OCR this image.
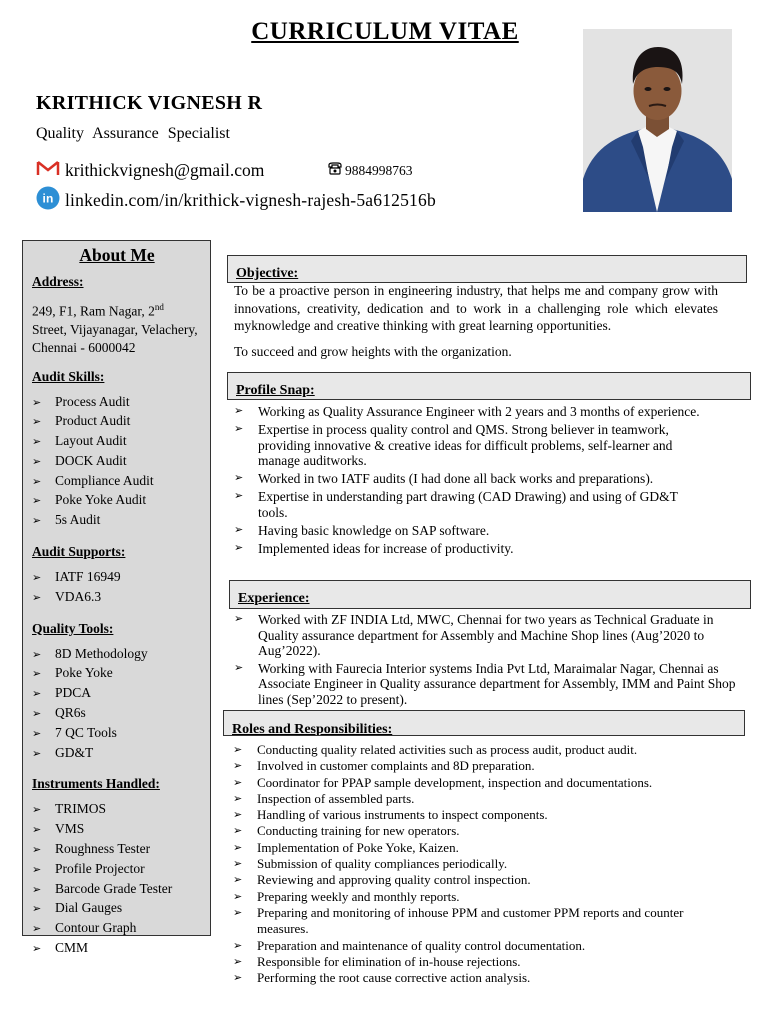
CURRICULUM VITAE
KRITHICK VIGNESH R
Quality Assurance Specialist
krithickvignesh@gmail.com	9884998763
in linkedin.com/in/krithick-vignesh-rajesh-5a612516b
About Me
Address:
249, F1, Ram Nagar, 2nd Street, Vijayanagar, Velachery, Chennai - 6000042
Audit Skills:
➢	Process Audit
➢	Product Audit
➢	Layout Audit
➢	DOCK Audit
➢	Compliance Audit
➢	Poke Yoke Audit
➢	5s Audit
Audit Supports:
➢	IATF 16949
➢	VDA6.3
Quality Tools:
➢	8D Methodology
➢	Poke Yoke
➢	PDCA
➢	QR6s
➢	7 QC Tools
➢	GD&T
Instruments Handled:
➢	TRIMOS
➢	VMS
➢	Roughness Tester
➢	Profile Projector
➢	Barcode Grade Tester
➢	Dial Gauges
➢	Contour Graph
➢	CMM
Objective:
To be a proactive person in engineering industry, that helps me and company grow with innovations, creativity, dedication and to work in a challenging role which elevates myknowledge and creative thinking with great learning opportunities.
To succeed and grow heights with the organization.
Profile Snap:
➢	Working as Quality Assurance Engineer with 2 years and 3 months of experience.
➢	Expertise in process quality control and QMS. Strong believer in teamwork, providing innovative & creative ideas for difficult problems, self-learner and manage auditworks.
➢	Worked in two IATF audits (I had done all back works and preparations).
➢	Expertise in understanding part drawing (CAD Drawing) and using of GD&T tools.
➢	Having basic knowledge on SAP software.
➢	Implemented ideas for increase of productivity.
Experience:
➢	Worked with ZF INDIA Ltd, MWC, Chennai for two years as Technical Graduate in Quality assurance department for Assembly and Machine Shop lines (Aug’2020 to Aug’2022).
➢	Working with Faurecia Interior systems India Pvt Ltd, Maraimalar Nagar, Chennai as Associate Engineer in Quality assurance department for Assembly, IMM and Paint Shop lines (Sep’2022 to present).
Roles and Responsibilities:
➢	Conducting quality related activities such as process audit, product audit.
➢	Involved in customer complaints and 8D preparation.
➢	Coordinator for PPAP sample development, inspection and documentations.
➢	Inspection of assembled parts.
➢	Handling of various instruments to inspect components.
➢	Conducting training for new operators.
➢	Implementation of Poke Yoke, Kaizen.
➢	Submission of quality compliances periodically.
➢	Reviewing and approving quality control inspection.
➢	Preparing weekly and monthly reports.
➢	Preparing and monitoring of inhouse PPM and customer PPM reports and counter measures.
➢	Preparation and maintenance of quality control documentation.
➢	Responsible for elimination of in-house rejections.
➢	Performing the root cause corrective action analysis.
